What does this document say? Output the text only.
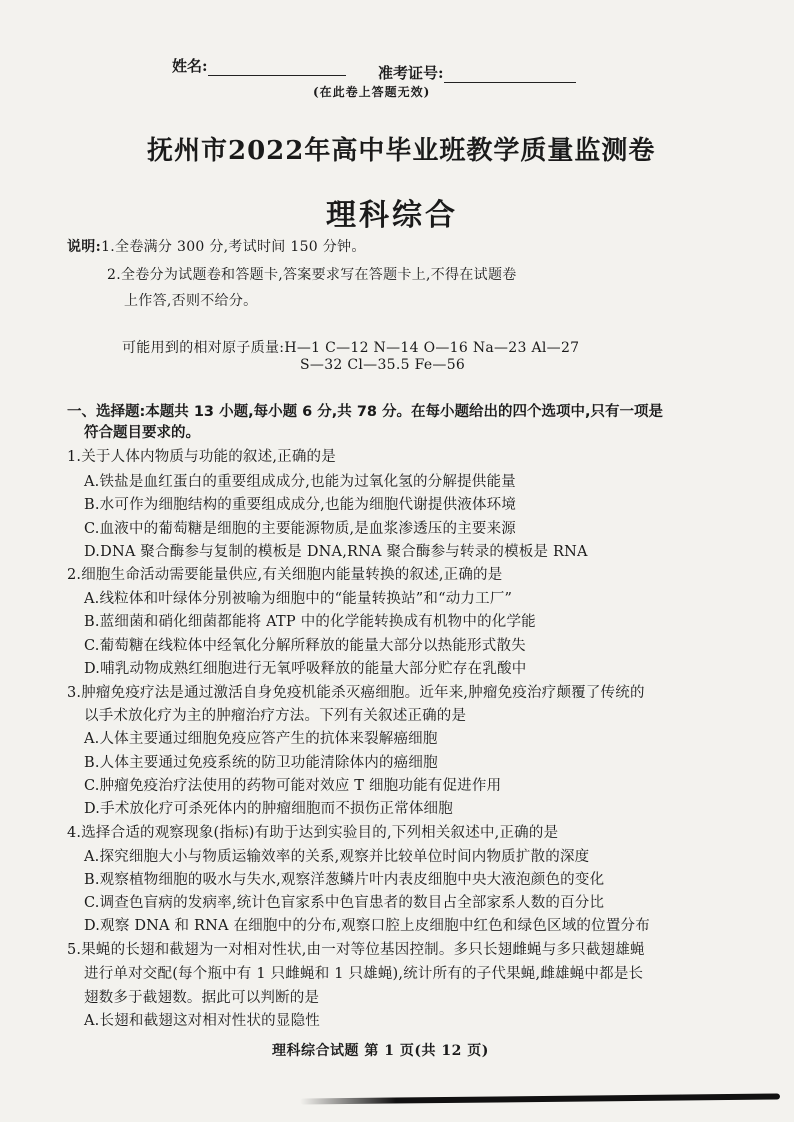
姓名:	准考证号:
(在此卷上答题无效)
抚州市2022年高中毕业班教学质量监测卷
理科综合
说明:1.全卷满分 300 分,考试时间 150 分钟。
2.全卷分为试题卷和答题卡,答案要求写在答题卡上,不得在试题卷
上作答,否则不给分。
可能用到的相对原子质量:H—1 C—12 N—14 O—16 Na—23 Al—27
S—32 Cl—35.5 Fe—56
一、选择题:本题共 13 小题,每小题 6 分,共 78 分。在每小题给出的四个选项中,只有一项是
符合题目要求的。
1.关于人体内物质与功能的叙述,正确的是
A.铁盐是血红蛋白的重要组成成分,也能为过氧化氢的分解提供能量
B.水可作为细胞结构的重要组成成分,也能为细胞代谢提供液体环境
C.血液中的葡萄糖是细胞的主要能源物质,是血浆渗透压的主要来源
D.DNA 聚合酶参与复制的模板是 DNA,RNA 聚合酶参与转录的模板是 RNA
2.细胞生命活动需要能量供应,有关细胞内能量转换的叙述,正确的是
A.线粒体和叶绿体分别被喻为细胞中的“能量转换站”和“动力工厂”
B.蓝细菌和硝化细菌都能将 ATP 中的化学能转换成有机物中的化学能
C.葡萄糖在线粒体中经氧化分解所释放的能量大部分以热能形式散失
D.哺乳动物成熟红细胞进行无氧呼吸释放的能量大部分贮存在乳酸中
3.肿瘤免疫疗法是通过激活自身免疫机能杀灭癌细胞。近年来,肿瘤免疫治疗颠覆了传统的
以手术放化疗为主的肿瘤治疗方法。下列有关叙述正确的是
A.人体主要通过细胞免疫应答产生的抗体来裂解癌细胞
B.人体主要通过免疫系统的防卫功能清除体内的癌细胞
C.肿瘤免疫治疗法使用的药物可能对效应 T 细胞功能有促进作用
D.手术放化疗可杀死体内的肿瘤细胞而不损伤正常体细胞
4.选择合适的观察现象(指标)有助于达到实验目的,下列相关叙述中,正确的是
A.探究细胞大小与物质运输效率的关系,观察并比较单位时间内物质扩散的深度
B.观察植物细胞的吸水与失水,观察洋葱鳞片叶内表皮细胞中央大液泡颜色的变化
C.调查色盲病的发病率,统计色盲家系中色盲患者的数目占全部家系人数的百分比
D.观察 DNA 和 RNA 在细胞中的分布,观察口腔上皮细胞中红色和绿色区域的位置分布
5.果蝇的长翅和截翅为一对相对性状,由一对等位基因控制。多只长翅雌蝇与多只截翅雄蝇
进行单对交配(每个瓶中有 1 只雌蝇和 1 只雄蝇),统计所有的子代果蝇,雌雄蝇中都是长
翅数多于截翅数。据此可以判断的是
A.长翅和截翅这对相对性状的显隐性
理科综合试题 第 1 页(共 12 页)
